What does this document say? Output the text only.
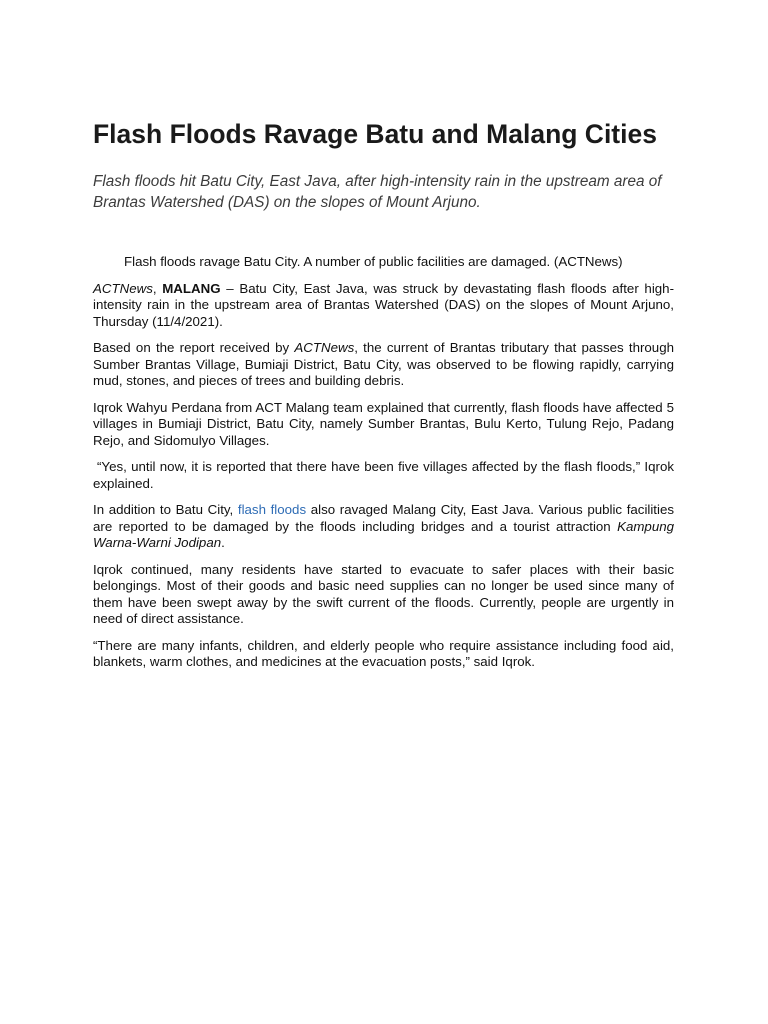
Flash Floods Ravage Batu and Malang Cities

Flash floods hit Batu City, East Java, after high-intensity rain in the upstream area of Brantas Watershed (DAS) on the slopes of Mount Arjuno.

Flash floods ravage Batu City. A number of public facilities are damaged. (ACTNews)

ACTNews, MALANG – Batu City, East Java, was struck by devastating flash floods after high-intensity rain in the upstream area of Brantas Watershed (DAS) on the slopes of Mount Arjuno, Thursday (11/4/2021).

Based on the report received by ACTNews, the current of Brantas tributary that passes through Sumber Brantas Village, Bumiaji District, Batu City, was observed to be flowing rapidly, carrying mud, stones, and pieces of trees and building debris.

Iqrok Wahyu Perdana from ACT Malang team explained that currently, flash floods have affected 5 villages in Bumiaji District, Batu City, namely Sumber Brantas, Bulu Kerto, Tulung Rejo, Padang Rejo, and Sidomulyo Villages.

“Yes, until now, it is reported that there have been five villages affected by the flash floods,” Iqrok explained.

In addition to Batu City, flash floods also ravaged Malang City, East Java. Various public facilities are reported to be damaged by the floods including bridges and a tourist attraction Kampung Warna-Warni Jodipan.

Iqrok continued, many residents have started to evacuate to safer places with their basic belongings. Most of their goods and basic need supplies can no longer be used since many of them have been swept away by the swift current of the floods. Currently, people are urgently in need of direct assistance.

“There are many infants, children, and elderly people who require assistance including food aid, blankets, warm clothes, and medicines at the evacuation posts,” said Iqrok.
